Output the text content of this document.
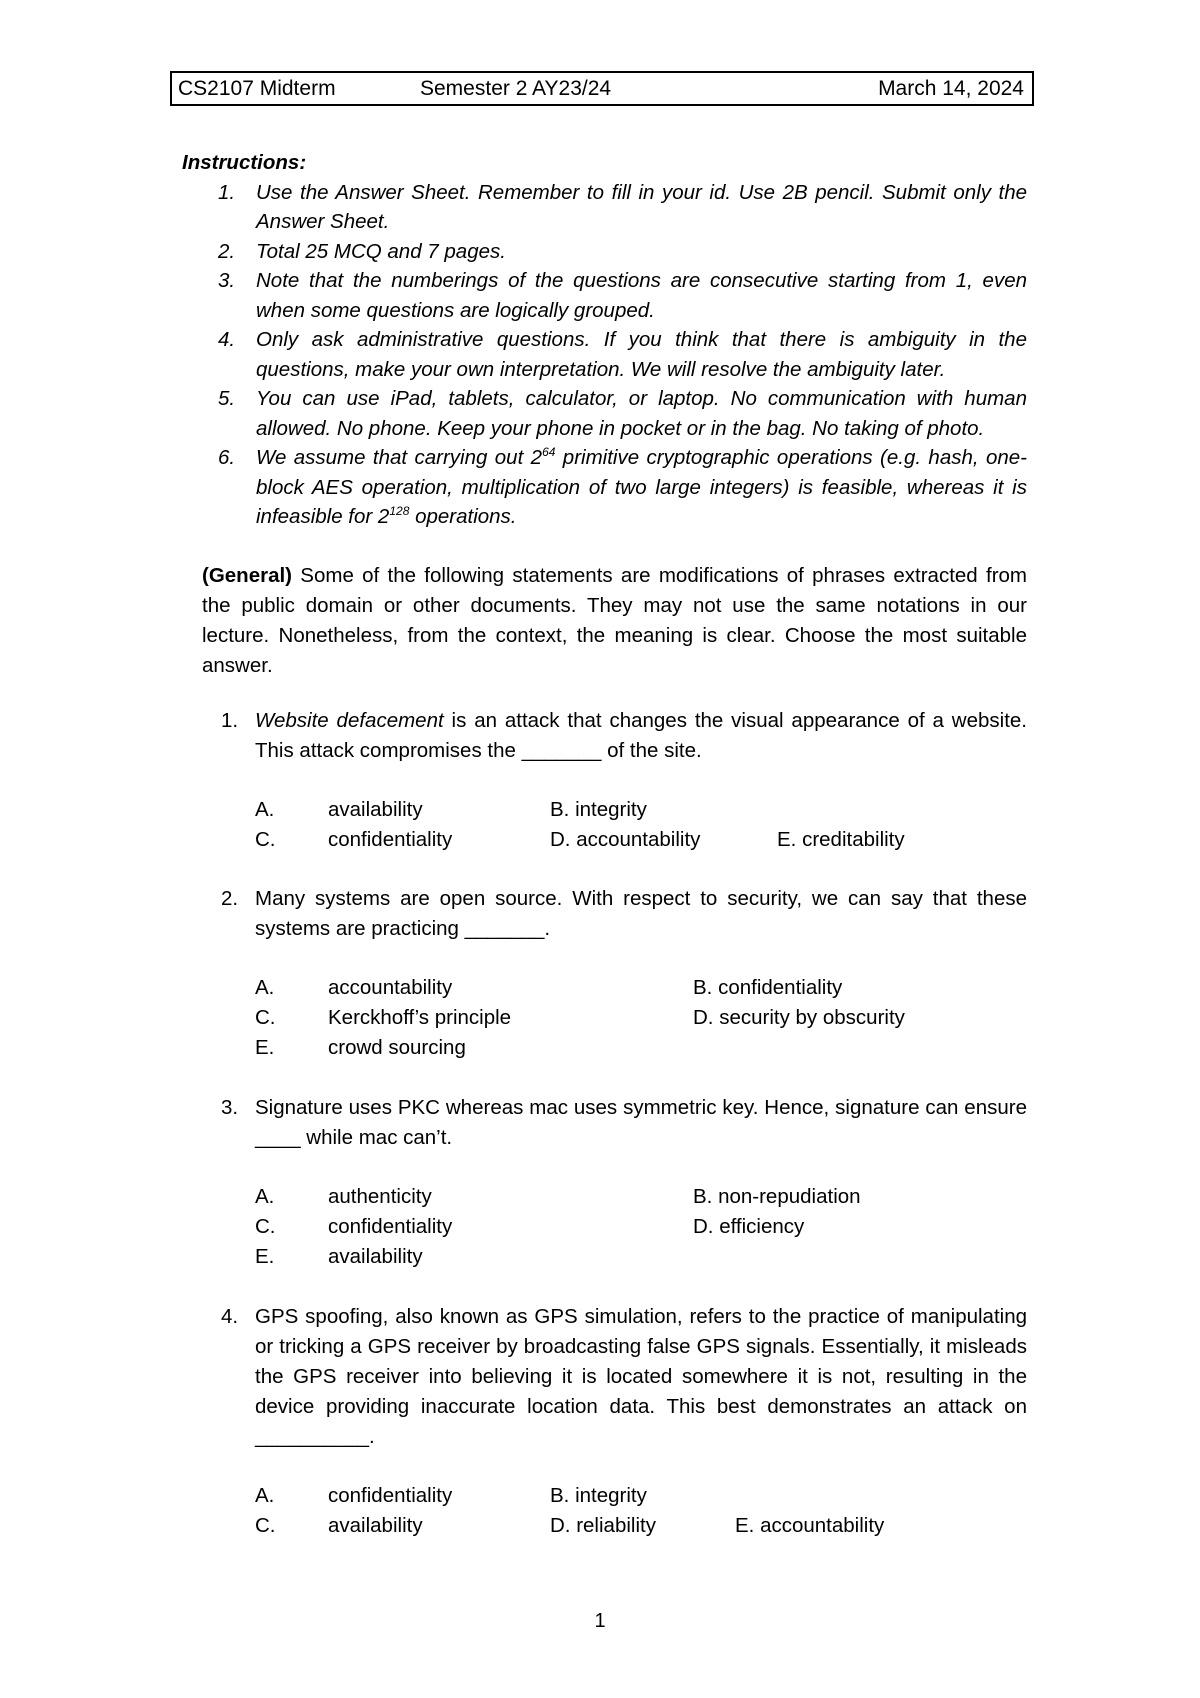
CS2107 Midterm	Semester 2 AY23/24	March 14, 2024
Instructions:
1. Use the Answer Sheet. Remember to fill in your id. Use 2B pencil. Submit only the Answer Sheet.
2. Total 25 MCQ and 7 pages.
3. Note that the numberings of the questions are consecutive starting from 1, even when some questions are logically grouped.
4. Only ask administrative questions. If you think that there is ambiguity in the questions, make your own interpretation. We will resolve the ambiguity later.
5. You can use iPad, tablets, calculator, or laptop. No communication with human allowed. No phone. Keep your phone in pocket or in the bag. No taking of photo.
6. We assume that carrying out $2^{64}$ primitive cryptographic operations (e.g. hash, one-block AES operation, multiplication of two large integers) is feasible, whereas it is infeasible for $2^{128}$ operations.
(General) Some of the following statements are modifications of phrases extracted from the public domain or other documents. They may not use the same notations in our lecture. Nonetheless, from the context, the meaning is clear. Choose the most suitable answer.
1. Website defacement is an attack that changes the visual appearance of a website. This attack compromises the _______ of the site.
A.	availability	B. integrity
C.	confidentiality	D. accountability	E. creditability
2. Many systems are open source. With respect to security, we can say that these systems are practicing _______.
A.	accountability	B. confidentiality
C.	Kerckhoff’s principle	D. security by obscurity
E.	crowd sourcing
3. Signature uses PKC whereas mac uses symmetric key. Hence, signature can ensure ____ while mac can’t.
A.	authenticity	B. non-repudiation
C.	confidentiality	D. efficiency
E.	availability
4. GPS spoofing, also known as GPS simulation, refers to the practice of manipulating or tricking a GPS receiver by broadcasting false GPS signals. Essentially, it misleads the GPS receiver into believing it is located somewhere it is not, resulting in the device providing inaccurate location data. This best demonstrates an attack on __________.
A.	confidentiality	B. integrity
C.	availability	D. reliability	E. accountability
1
